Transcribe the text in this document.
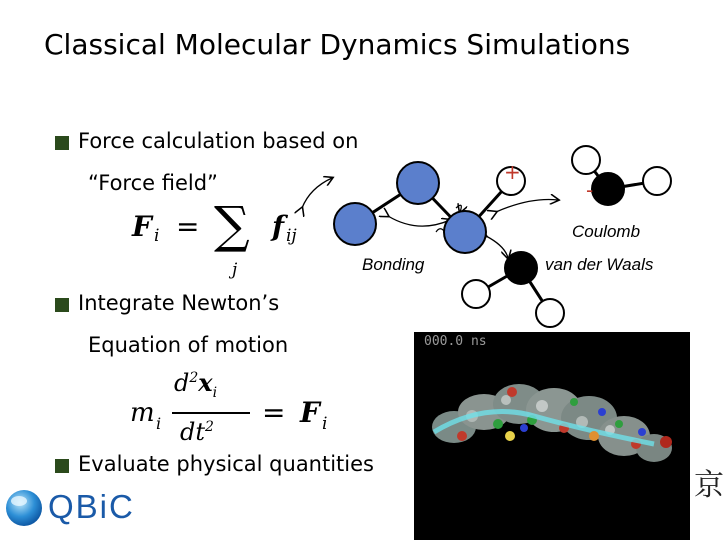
Classical Molecular Dynamics Simulations
Force calculation based on
“Force field”
F i = ∑
j
f ij
Integrate Newton’s
Equation of motion
m i
$d^2x_i$
$dt^2 = F$ i
Evaluate physical quantities
+
-
Bonding
Coulomb
van der Waals
000.0 ns
京
QBiC
